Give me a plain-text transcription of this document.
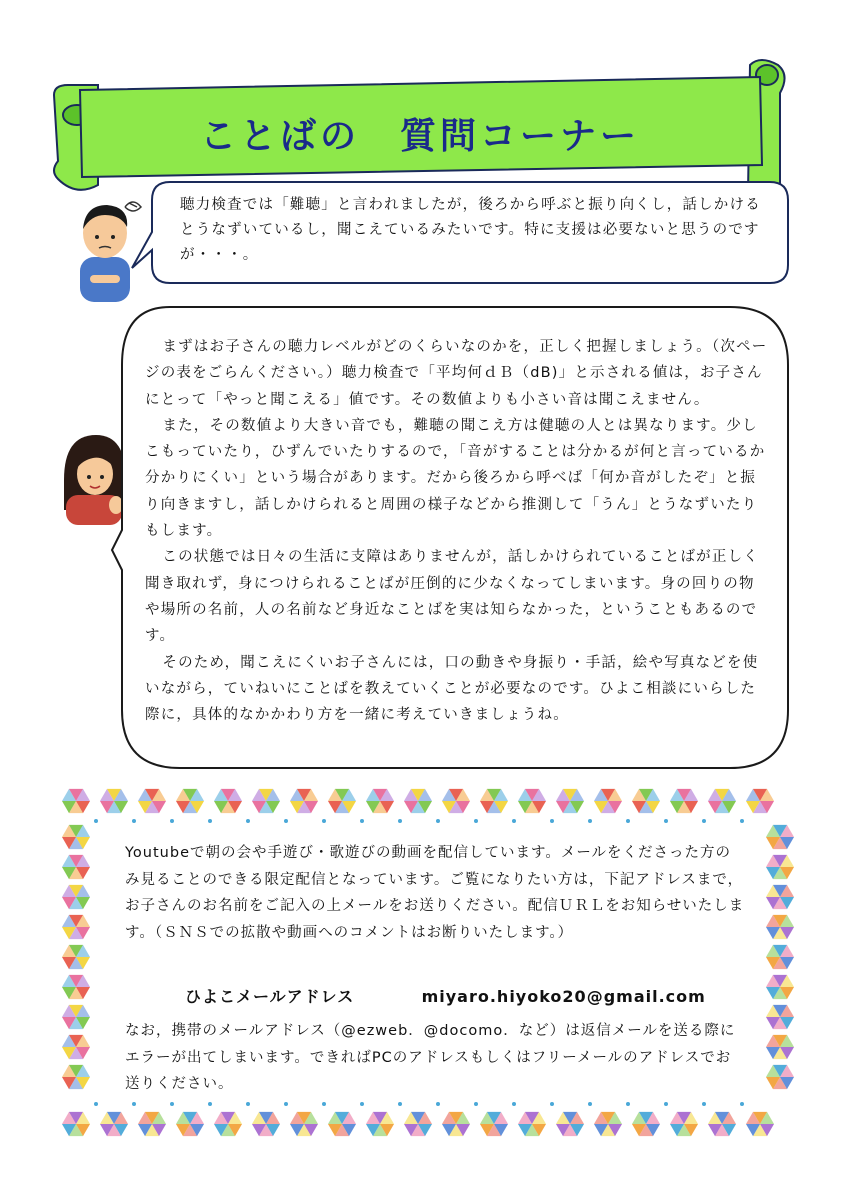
ことばの　質問コーナー
聴力検査では「難聴」と言われましたが，後ろから呼ぶと振り向くし，話しかけるとうなずいているし，聞こえているみたいです。特に支援は必要ないと思うのですが・・・。

まずはお子さんの聴力レベルがどのくらいなのかを，正しく把握しましょう。（次ページの表をごらんください。）聴力検査で「平均何ｄＢ（dB)」と示される値は，お子さんにとって「やっと聞こえる」値です。その数値よりも小さい音は聞こえません。

また，その数値より大きい音でも，難聴の聞こえ方は健聴の人とは異なります。少しこもっていたり，ひずんでいたりするので，「音がすることは分かるが何と言っているか分かりにくい」という場合があります。だから後ろから呼べば「何か音がしたぞ」と振り向きますし，話しかけられると周囲の様子などから推測して「うん」とうなずいたりもします。

この状態では日々の生活に支障はありませんが，話しかけられていることばが正しく聞き取れず，身につけられることばが圧倒的に少なくなってしまいます。身の回りの物や場所の名前，人の名前など身近なことばを実は知らなかった，ということもあるのです。

そのため，聞こえにくいお子さんには，口の動きや身振り・手話，絵や写真などを使いながら，ていねいにことばを教えていくことが必要なのです。ひよこ相談にいらした際に，具体的なかかわり方を一緒に考えていきましょうね。

Youtubeで朝の会や手遊び・歌遊びの動画を配信しています。メールをくださった方のみ見ることのできる限定配信となっています。ご覧になりたい方は，下記アドレスまで，お子さんのお名前をご記入の上メールをお送りください。配信ＵＲＬをお知らせいたします。（ＳＮＳでの拡散や動画へのコメントはお断りいたします。）
ひよこメールアドレス	miyaro.hiyoko20@gmail.com
なお，携帯のメールアドレス（@ezweb．@docomo．など）は返信メールを送る際にエラーが出てしまいます。できればPCのアドレスもしくはフリーメールのアドレスでお送りください。
